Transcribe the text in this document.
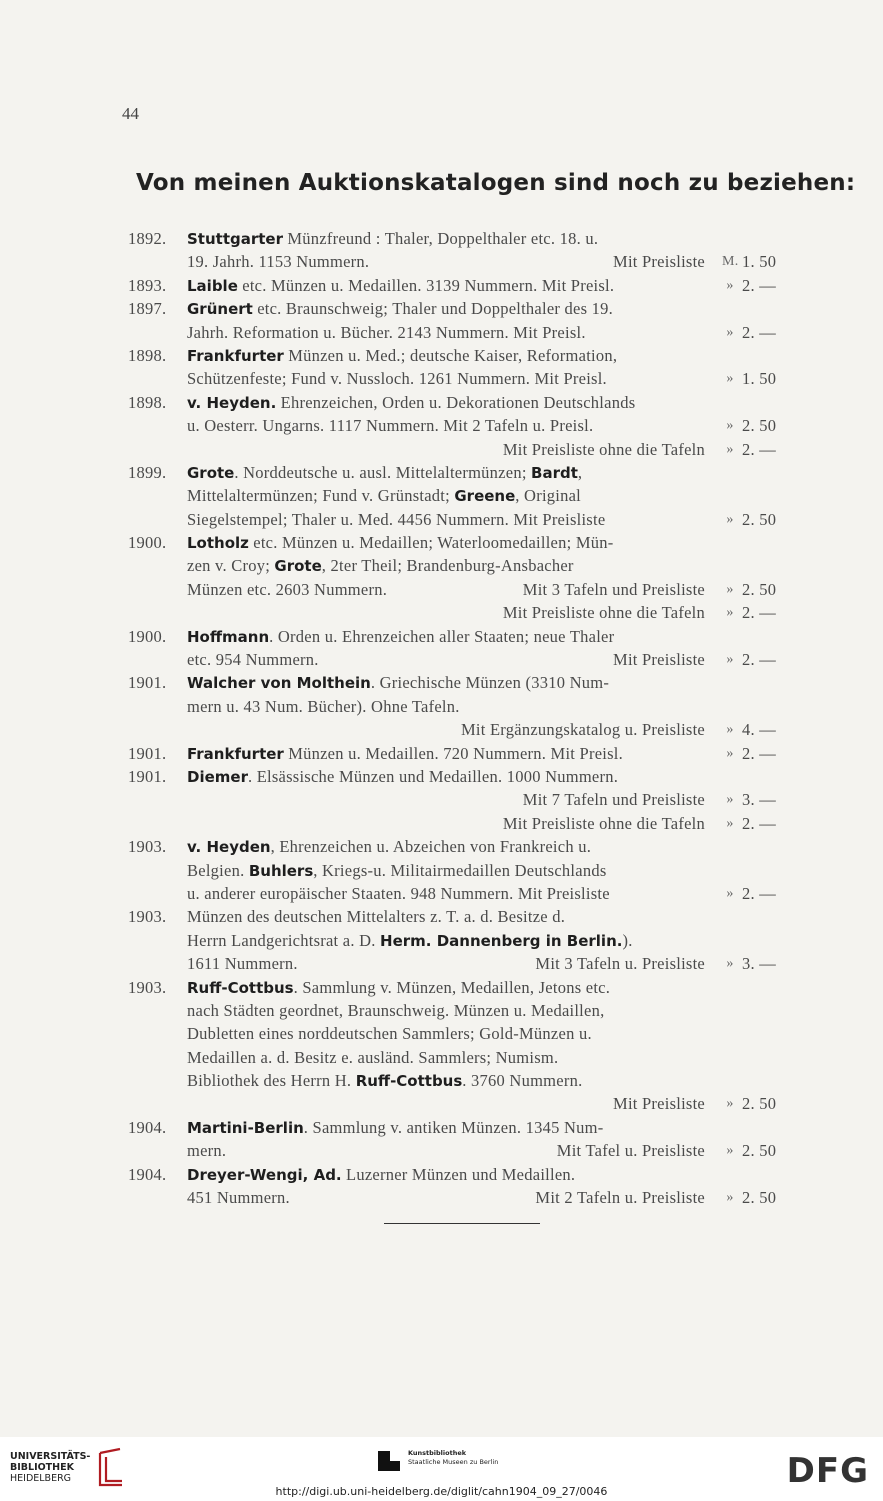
44
Von meinen Auktionskatalogen sind noch zu beziehen:
1892.	Stuttgarter Münzfreund : Thaler, Doppelthaler etc. 18. u.
Mit Preisliste
19. Jahrh. 1153 Nummern.	M. 1. 50
1893.	Laible etc. Münzen u. Medaillen. 3139 Nummern. Mit Preisl.	» 2. —
1897.	Grünert etc. Braunschweig; Thaler und Doppelthaler des 19.
Jahrh. Reformation u. Bücher. 2143 Nummern. Mit Preisl.	» 2. —
1898.	Frankfurter Münzen u. Med.; deutsche Kaiser, Reformation,
Schützenfeste; Fund v. Nussloch. 1261 Nummern. Mit Preisl.	» 1. 50
1898.	v. Heyden. Ehrenzeichen, Orden u. Dekorationen Deutschlands
u. Oesterr. Ungarns. 1117 Nummern. Mit 2 Tafeln u. Preisl.	» 2. 50
Mit Preisliste ohne die Tafeln	» 2. —
1899.	Grote. Norddeutsche u. ausl. Mittelaltermünzen; Bardt,
Mittelaltermünzen; Fund v. Grünstadt; Greene, Original
Siegelstempel; Thaler u. Med. 4456 Nummern. Mit Preisliste	» 2. 50
1900.	Lotholz etc. Münzen u. Medaillen; Waterloomedaillen; Mün-
zen v. Croy; Grote, 2ter Theil; Brandenburg-Ansbacher
Mit 3 Tafeln und Preisliste
Münzen etc. 2603 Nummern.	» 2. 50
Mit Preisliste ohne die Tafeln	» 2. —
1900.	Hoffmann. Orden u. Ehrenzeichen aller Staaten; neue Thaler
Mit Preisliste
etc. 954 Nummern.	» 2. —
1901.	Walcher von Molthein. Griechische Münzen (3310 Num-
mern u. 43 Num. Bücher). Ohne Tafeln.
Mit Ergänzungskatalog u. Preisliste	» 4. —
1901.	Frankfurter Münzen u. Medaillen. 720 Nummern. Mit Preisl.	» 2. —
1901.	Diemer. Elsässische Münzen und Medaillen. 1000 Nummern.
Mit 7 Tafeln und Preisliste	» 3. —
Mit Preisliste ohne die Tafeln	» 2. —
1903.	v. Heyden, Ehrenzeichen u. Abzeichen von Frankreich u.
Belgien. Buhlers, Kriegs-u. Militairmedaillen Deutschlands
u. anderer europäischer Staaten. 948 Nummern. Mit Preisliste	» 2. —
1903.	Münzen des deutschen Mittelalters z. T. a. d. Besitze d.
Herrn Landgerichtsrat a. D. Herm. Dannenberg in Berlin.).
Mit 3 Tafeln u. Preisliste
1611 Nummern.	» 3. —
1903.	Ruff-Cottbus. Sammlung v. Münzen, Medaillen, Jetons etc.
nach Städten geordnet, Braunschweig. Münzen u. Medaillen,
Dubletten eines norddeutschen Sammlers; Gold-Münzen u.
Medaillen a. d. Besitz e. ausländ. Sammlers; Numism.
Bibliothek des Herrn H. Ruff-Cottbus. 3760 Nummern.
Mit Preisliste	» 2. 50
1904.	Martini-Berlin. Sammlung v. antiken Münzen. 1345 Num-
Mit Tafel u. Preisliste
mern.	» 2. 50
1904.	Dreyer-Wengi, Ad. Luzerner Münzen und Medaillen.
Mit 2 Tafeln u. Preisliste
451 Nummern.	» 2. 50
UNIVERSITÄTS-
BIBLIOTHEK
HEIDELBERG
Kunstbibliothek
Staatliche Museen zu Berlin	DFG
http://digi.ub.uni-heidelberg.de/diglit/cahn1904_09_27/0046
